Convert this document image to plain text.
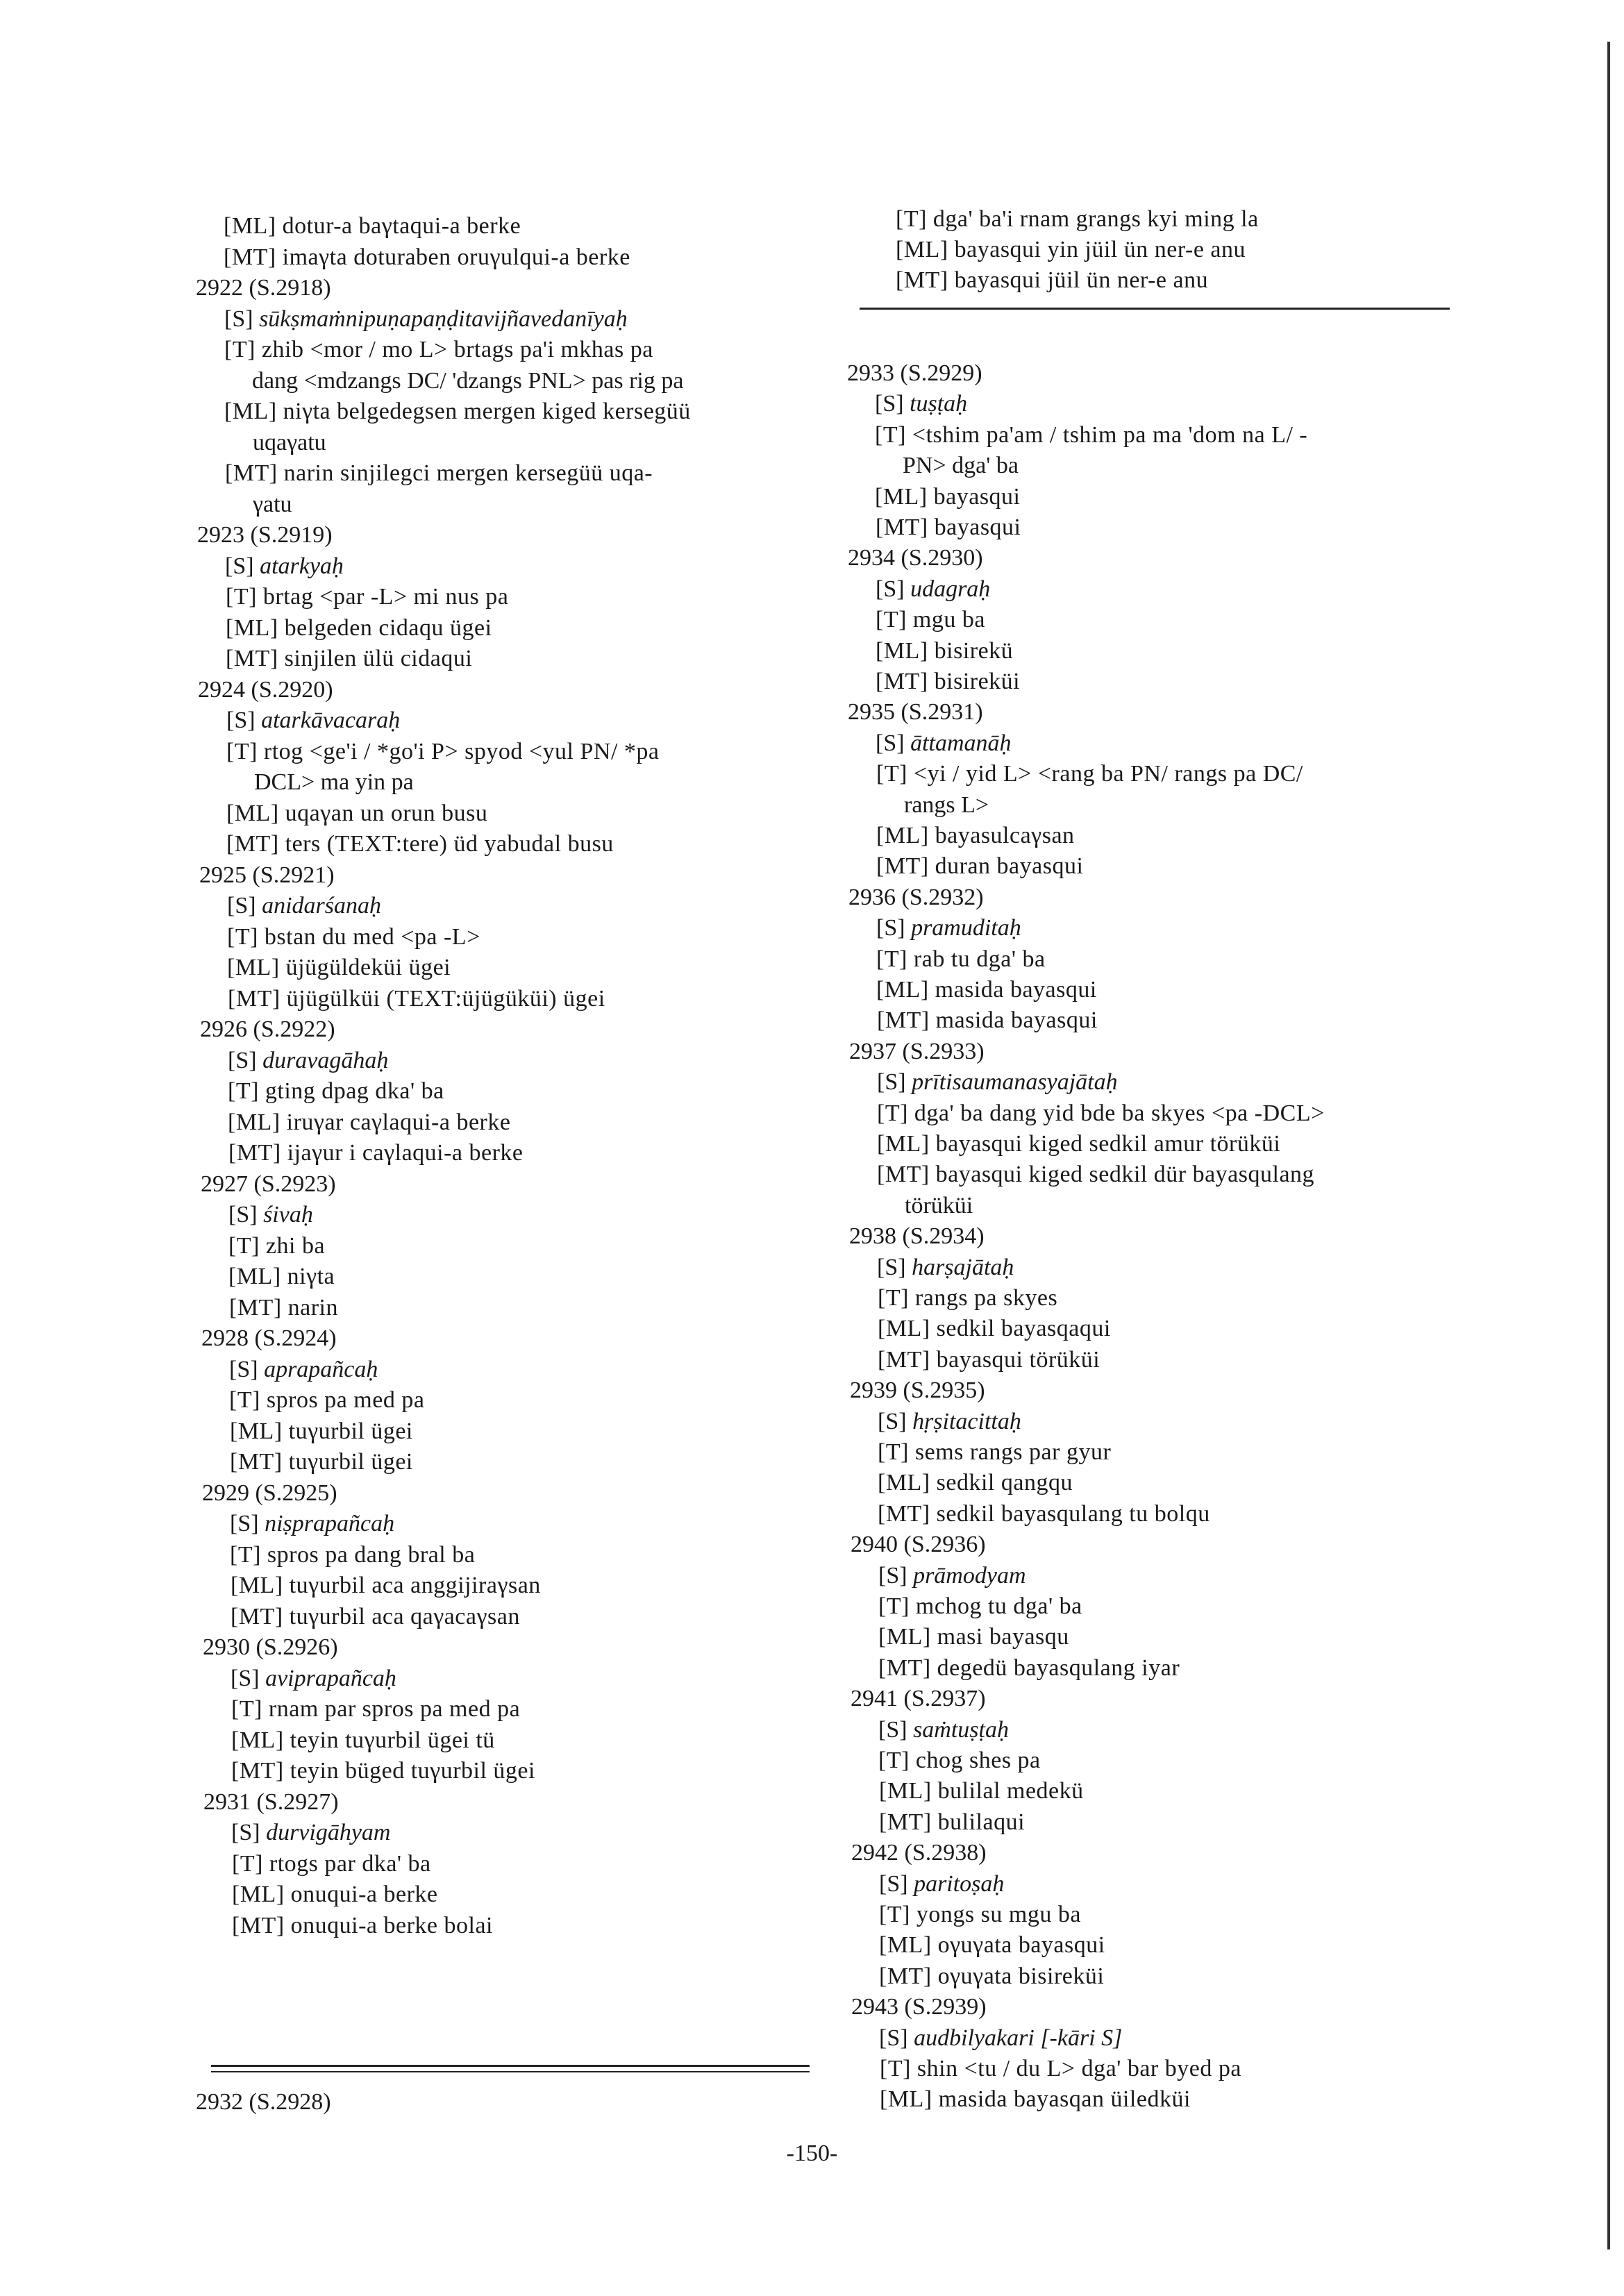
[ML] dotur-a baγtaqui-a berke
[MT] imaγta doturaben oruγulqui-a berke
2922 (S.2918)
[S] sūkṣmaṁnipuṇapaṇḍitavijñavedanīyaḥ
[T] zhib <mor / mo L> brtags pa'i mkhas pa
dang <mdzangs DC/ 'dzangs PNL> pas rig pa
[ML] niγta belgedegsen mergen kiged kersegüü
uqaγatu
[MT] narin sinjilegci mergen kersegüü uqa-
γatu
2923 (S.2919)
[S] atarkyaḥ
[T] brtag <par -L> mi nus pa
[ML] belgeden cidaqu ügei
[MT] sinjilen ülü cidaqui
2924 (S.2920)
[S] atarkāvacaraḥ
[T] rtog <ge'i / *go'i P> spyod <yul PN/ *pa
DCL> ma yin pa
[ML] uqaγan un orun busu
[MT] ters (TEXT:tere) üd yabudal busu
2925 (S.2921)
[S] anidarśanaḥ
[T] bstan du med <pa -L>
[ML] üjügüldeküi ügei
[MT] üjügülküi (TEXT:üjügüküi) ügei
2926 (S.2922)
[S] duravagāhaḥ
[T] gting dpag dka' ba
[ML] iruγar caγlaqui-a berke
[MT] ijaγur i caγlaqui-a berke
2927 (S.2923)
[S] śivaḥ
[T] zhi ba
[ML] niγta
[MT] narin
2928 (S.2924)
[S] aprapañcaḥ
[T] spros pa med pa
[ML] tuγurbil ügei
[MT] tuγurbil ügei
2929 (S.2925)
[S] niṣprapañcaḥ
[T] spros pa dang bral ba
[ML] tuγurbil aca anggijiraγsan
[MT] tuγurbil aca qaγacaγsan
2930 (S.2926)
[S] aviprapañcaḥ
[T] rnam par spros pa med pa
[ML] teyin tuγurbil ügei tü
[MT] teyin büged tuγurbil ügei
2931 (S.2927)
[S] durvigāhyam
[T] rtogs par dka' ba
[ML] onuqui-a berke
[MT] onuqui-a berke bolai
[T] dga' ba'i rnam grangs kyi ming la
[ML] bayasqui yin jüil ün ner-e anu
[MT] bayasqui jüil ün ner-e anu
2933 (S.2929)
[S] tuṣṭaḥ
[T] <tshim pa'am / tshim pa ma 'dom na L/ -
PN> dga' ba
[ML] bayasqui
[MT] bayasqui
2934 (S.2930)
[S] udagraḥ
[T] mgu ba
[ML] bisirekü
[MT] bisireküi
2935 (S.2931)
[S] āttamanāḥ
[T] <yi / yid L> <rang ba PN/ rangs pa DC/
rangs L>
[ML] bayasulcaγsan
[MT] duran bayasqui
2936 (S.2932)
[S] pramuditaḥ
[T] rab tu dga' ba
[ML] masida bayasqui
[MT] masida bayasqui
2937 (S.2933)
[S] prītisaumanasyajātaḥ
[T] dga' ba dang yid bde ba skyes <pa -DCL>
[ML] bayasqui kiged sedkil amur törüküi
[MT] bayasqui kiged sedkil dür bayasqulang
törüküi
2938 (S.2934)
[S] harṣajātaḥ
[T] rangs pa skyes
[ML] sedkil bayasqaqui
[MT] bayasqui törüküi
2939 (S.2935)
[S] hṛṣitacittaḥ
[T] sems rangs par gyur
[ML] sedkil qangqu
[MT] sedkil bayasqulang tu bolqu
2940 (S.2936)
[S] prāmodyam
[T] mchog tu dga' ba
[ML] masi bayasqu
[MT] degedü bayasqulang iyar
2941 (S.2937)
[S] saṁtuṣṭaḥ
[T] chog shes pa
[ML] bulilal medekü
[MT] bulilaqui
2942 (S.2938)
[S] paritoṣaḥ
[T] yongs su mgu ba
[ML] oγuγata bayasqui
[MT] oγuγata bisireküi
2943 (S.2939)
[S] audbilyakari [-kāri S]
[T] shin <tu / du L> dga' bar byed pa
[ML] masida bayasqan üiledküi
2932 (S.2928)
-150-
